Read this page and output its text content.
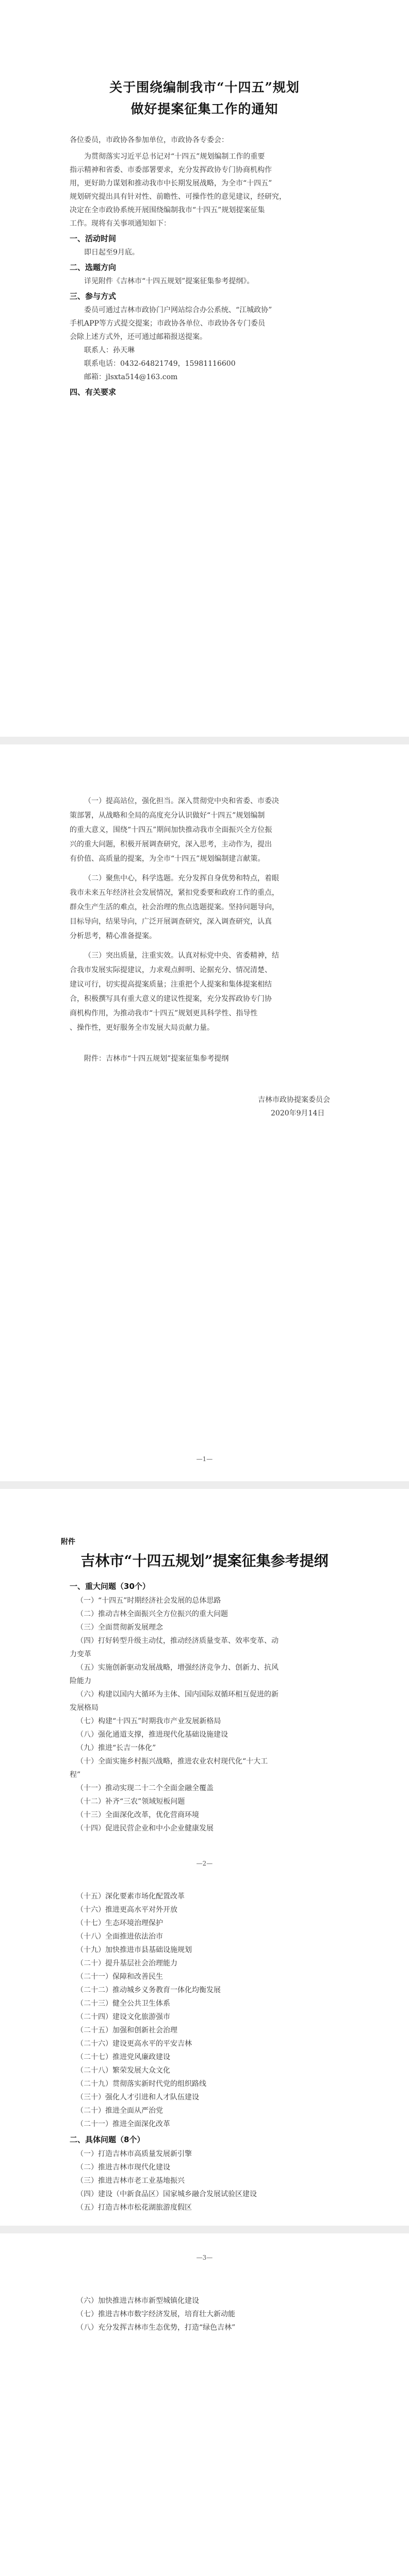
关于围绕编制我市“十四五”规划
做好提案征集工作的通知
各位委员，市政协各参加单位，市政协各专委会：
为贯彻落实习近平总书记对“十四五”规划编制工作的重要
指示精神和省委、市委部署要求，充分发挥政协专门协商机构作
用，更好助力谋划和推动我市中长期发展战略，为全市“十四五”
规划研究提出具有针对性、前瞻性、可操作性的意见建议，经研究，
决定在全市政协系统开展围绕编制我市“十四五”规划提案征集
工作。现将有关事项通知如下：
一、活动时间
即日起至9月底。
二、选题方向
详见附件《吉林市“十四五规划”提案征集参考提纲》。
三、参与方式
委员可通过吉林市政协门户网站综合办公系统、“江城政协”
手机APP等方式提交提案；市政协各单位、市政协各专门委员
会除上述方式外，还可通过邮箱报送提案。
联系人：孙天琳
联系电话：0432-64821749，15981116600
邮箱：jlsxta514@163.com
四、有关要求
（一）提高站位，强化担当。深入贯彻党中央和省委、市委决
策部署，从战略和全局的高度充分认识做好“十四五”规划编制
的重大意义，围绕“十四五”期间加快推动我市全面振兴全方位振
兴的重大问题，积极开展调查研究，深入思考，主动作为，提出
有价值、高质量的提案，为全市“十四五”规划编制建言献策。
（二）聚焦中心，科学选题。充分发挥自身优势和特点，着眼
我市未来五年经济社会发展情况，紧扣党委要和政府工作的重点，
群众生产生活的难点，社会治理的焦点选题提案。坚持问题导向，
目标导向，结果导向，广泛开展调查研究，深入调查研究，认真
分析思考，精心准备提案。
（三）突出质量，注重实效。认真对标党中央、省委精神，结
合我市发展实际提建议，力求观点鲜明、论据充分、情况清楚、
建议可行，切实提高提案质量；注重把个人提案和集体提案相结
合，积极撰写具有重大意义的建议性提案，充分发挥政协专门协
商机构作用，为推动我市“十四五”规划更具科学性、指导性
、操作性，更好服务全市发展大局贡献力量。
附件：吉林市“十四五规划”提案征集参考提纲
吉林市政协提案委员会
2020年9月14日
—1—
附件
吉林市“十四五规划”提案征集参考提纲
一、重大问题（30个）
（一）“十四五”时期经济社会发展的总体思路
（二）推动吉林全面振兴全方位振兴的重大问题
（三）全面贯彻新发展理念
（四）打好转型升级主动仗，推动经济质量变革、效率变革、动
力变革
（五）实施创新驱动发展战略，增强经济竞争力、创新力、抗风
险能力
（六）构建以国内大循环为主体、国内国际双循环相互促进的新
发展格局
（七）构建“十四五”时期我市产业发展新格局
（八）强化通道支撑，推进现代化基础设施建设
（九）推进“长吉一体化”
（十）全面实施乡村振兴战略，推进农业农村现代化“十大工
程”
（十一）推动实现二十二个全面金融全覆盖
（十二）补齐“三农”领域短板问题
（十三）全面深化改革，优化营商环境
（十四）促进民营企业和中小企业健康发展
—2—
（十五）深化要素市场化配置改革
（十六）推进更高水平对外开放
（十七）生态环境治理保护
（十八）全面推进依法治市
（十九）加快推进市县基础设施规划
（二十）提升基层社会治理能力
（二十一）保障和改善民生
（二十二）推动城乡义务教育一体化均衡发展
（二十三）健全公共卫生体系
（二十四）建设文化旅游强市
（二十五）加强和创新社会治理
（二十六）建设更高水平的平安吉林
（二十七）推进党风廉政建设
（二十八）繁荣发展大众文化
（二十九）贯彻落实新时代党的组织路线
（三十）强化人才引进和人才队伍建设
（二十）推进全面从严治党
（二十一）推进全面深化改革
二、具体问题（8个）
（一）打造吉林市高质量发展新引擎
（二）推进吉林市现代化建设
（三）推进吉林市老工业基地振兴
（四）建设（中新食品区）国家城乡融合发展试验区建设
（五）打造吉林市松花湖旅游度假区
—3—
（六）加快推进吉林市新型城镇化建设
（七）推进吉林市数字经济发展，培育壮大新动能
（八）充分发挥吉林市生态优势，打造“绿色吉林”
